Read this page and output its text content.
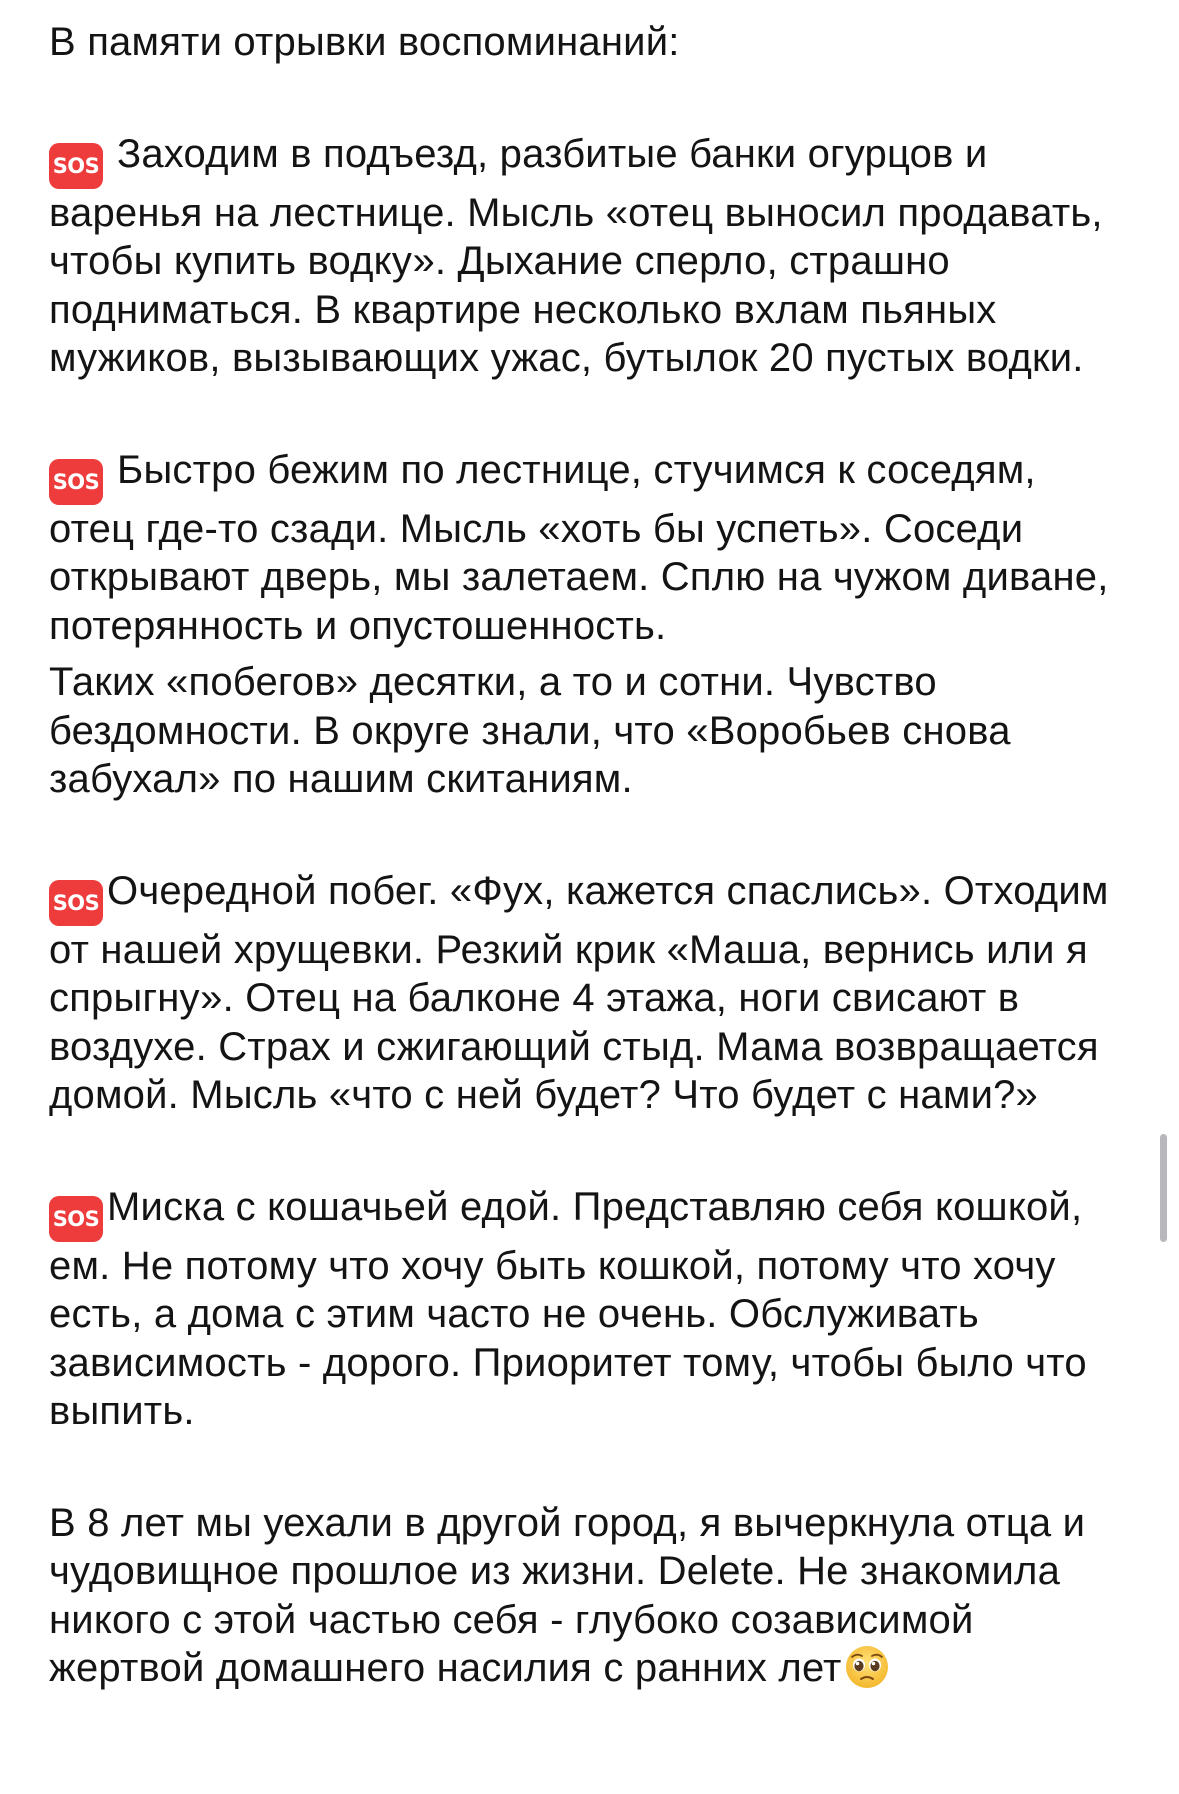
В памяти отрывки воспоминаний:

SOS Заходим в подъезд, разбитые банки огурцов и варенья на лестнице. Мысль «отец выносил продавать, чтобы купить водку». Дыхание сперло, страшно подниматься. В квартире несколько вхлам пьяных мужиков, вызывающих ужас, бутылок 20 пустых водки.

SOS Быстро бежим по лестнице, стучимся к соседям, отец где-то сзади. Мысль «хоть бы успеть». Соседи открывают дверь, мы залетаем. Сплю на чужом диване, потерянность и опустошенность.

Таких «побегов» десятки, а то и сотни. Чувство бездомности. В округе знали, что «Воробьев снова забухал» по нашим скитаниям.

SOS Очередной побег. «Фух, кажется спаслись». Отходим от нашей хрущевки. Резкий крик «Маша, вернись или я спрыгну». Отец на балконе 4 этажа, ноги свисают в воздухе. Страх и сжигающий стыд. Мама возвращается домой. Мысль «что с ней будет? Что будет с нами?»

SOS Миска с кошачьей едой. Представляю себя кошкой, ем. Не потому что хочу быть кошкой, потому что хочу есть, а дома с этим часто не очень. Обслуживать зависимость - дорого. Приоритет тому, чтобы было что выпить.

В 8 лет мы уехали в другой город, я вычеркнула отца и чудовищное прошлое из жизни. Delete. Не знакомила никого с этой частью себя - глубоко созависимой жертвой домашнего насилия с ранних лет
